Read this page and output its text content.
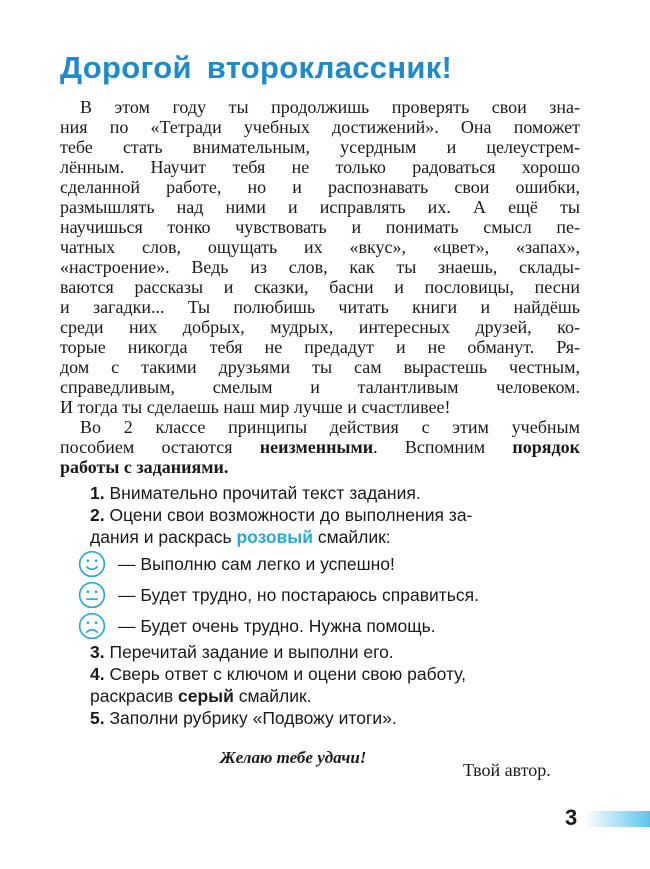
Дорогой второклассник!
В этом году ты продолжишь проверять свои зна-
ния по «Тетради учебных достижений». Она поможет
тебе стать внимательным, усердным и целеустрем-
лённым. Научит тебя не только радоваться хорошо
сделанной работе, но и распознавать свои ошибки,
размышлять над ними и исправлять их. А ещё ты
научишься тонко чувствовать и понимать смысл пе-
чатных слов, ощущать их «вкус», «цвет», «запах»,
«настроение». Ведь из слов, как ты знаешь, склады-
ваются рассказы и сказки, басни и пословицы, песни
и загадки... Ты полюбишь читать книги и найдёшь
среди них добрых, мудрых, интересных друзей, ко-
торые никогда тебя не предадут и не обманут. Ря-
дом с такими друзьями ты сам вырастешь честным,
справедливым, смелым и талантливым человеком.
И тогда ты сделаешь наш мир лучше и счастливее!
Во 2 классе принципы действия с этим учебным
пособием остаются неизменными. Вспомним порядок
работы с заданиями.
1. Внимательно прочитай текст задания.
2. Оцени свои возможности до выполнения за-
дания и раскрась розовый смайлик:
— Выполню сам легко и успешно!
— Будет трудно, но постараюсь справиться.
— Будет очень трудно. Нужна помощь.
3. Перечитай задание и выполни его.
4. Сверь ответ с ключом и оцени свою работу,
раскрасив серый смайлик.
5. Заполни рубрику «Подвожу итоги».
Желаю тебе удачи!
Твой автор.
3
